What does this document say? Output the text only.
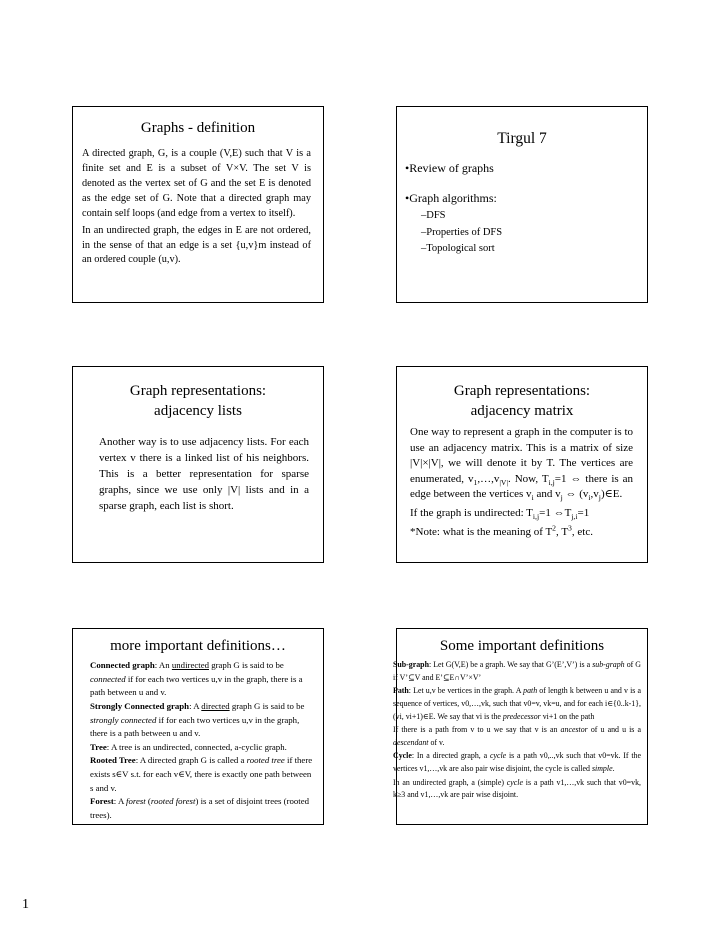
Graphs - definition

A directed graph, G, is a couple (V,E) such that V is a finite set and E is a subset of V×V. The set V is denoted as the vertex set of G and the set E is denoted as the edge set of G. Note that a directed graph may contain self loops (and edge from a vertex to itself).

In an undirected graph, the edges in E are not ordered, in the sense of that an edge is a set {u,v}m instead of an ordered couple (u,v).

Tirgul 7
•Review of graphs
•Graph algorithms:
–DFS
–Properties of DFS
–Topological sort
Graph representations:
adjacency lists

Another way is to use adjacency lists. For each vertex v there is a linked list of his neighbors. This is a better representation for sparse graphs, since we use only |V| lists and in a sparse graph, each list is short.

Graph representations:
adjacency matrix

One way to represent a graph in the computer is to use an adjacency matrix. This is a matrix of size |V|×|V|, we will denote it by T. The vertices are enumerated, $v_1,\dots,v_{|V|}$. Now, $T_{i,j}=1$ ⇔ there is an edge between the vertices $v_i$ and $v_j$ ⇔ $(v_i,v_j)\in E$.

If the graph is undirected: $T_{i,j}=1$ $\Leftrightarrow T_{j,i}=1$

*Note: what is the meaning of $T^2$, $T^3$, etc.

more important definitions…

Connected graph: An undirected graph G is said to be connected if for each two vertices u,v in the graph, there is a path between u and v.

Strongly Connected graph: A directed graph G is said to be strongly connected if for each two vertices u,v in the graph, there is a path between u and v.

Tree: A tree is an undirected, connected, a-cyclic graph.

Rooted Tree: A directed graph G is called a rooted tree if there exists s∈V s.t. for each v∈V, there is exactly one path between s and v.

Forest: A forest (rooted forest) is a set of disjoint trees (rooted trees).

Some important definitions

Sub-graph: Let G(V,E) be a graph. We say that G’(E’,V’) is a sub-graph of G if V’⊆V and E’⊆E∩V’×V’

Path: Let u,v be vertices in the graph. A path of length k between u and v is a sequence of vertices, v0,…,vk, such that v0=v, vk=u, and for each i∈{0..k-1}, (vi, vi+1)∈E. We say that vi is the predecessor vi+1 on the path

If there is a path from v to u we say that v is an ancestor of u and u is a descendant of v.

Cycle: In a directed graph, a cycle is a path v0,..,vk such that v0=vk. If the vertices v1,…,vk are also pair wise disjoint, the cycle is called simple.

In an undirected graph, a (simple) cycle is a path v1,…,vk such that v0=vk, k≥3 and v1,…,vk are pair wise disjoint.

1
